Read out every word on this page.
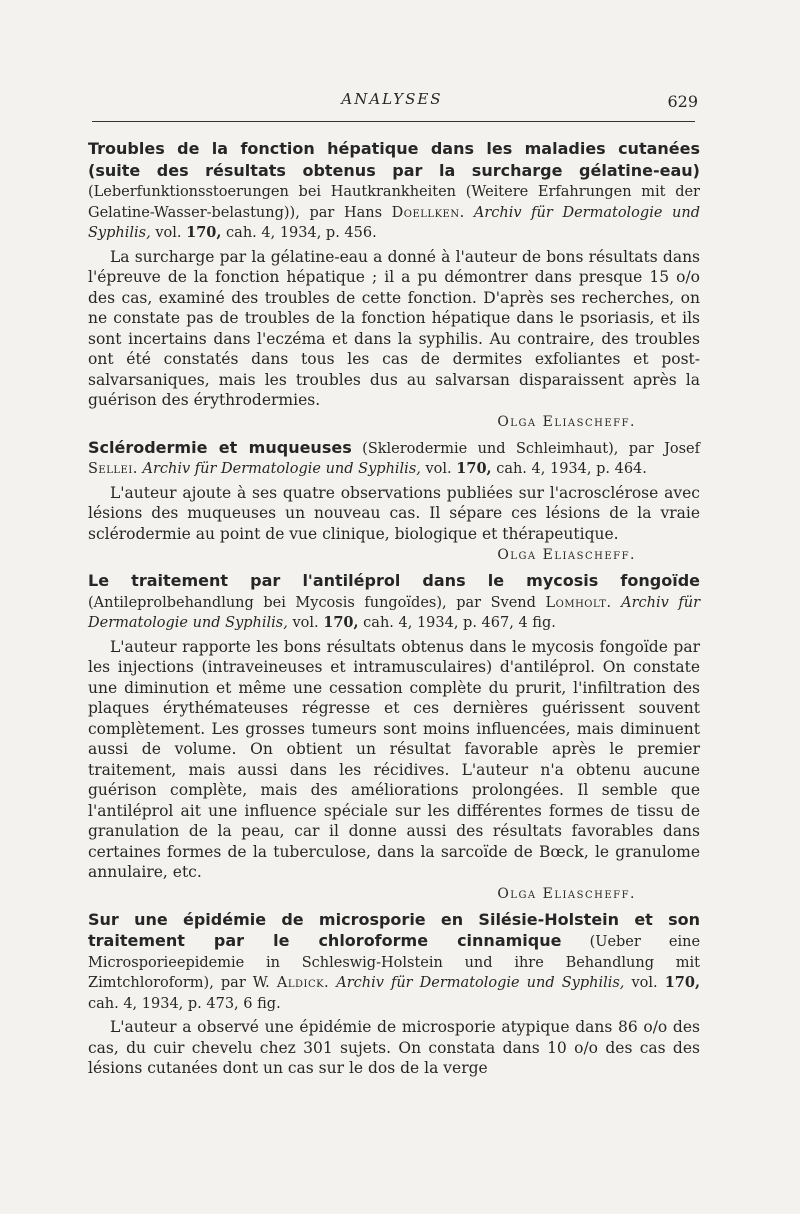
ANALYSES	629

Troubles de la fonction hépatique dans les maladies cutanées (suite des résultats obtenus par la surcharge gélatine-eau) (Leberfunktionsstoerungen bei Hautkrankheiten (Weitere Erfahrungen mit der Gelatine-Wasser-belastung)), par Hans Doellken. Archiv für Dermatologie und Syphilis, vol. 170, cah. 4, 1934, p. 456.

La surcharge par la gélatine-eau a donné à l'auteur de bons résultats dans l'épreuve de la fonction hépatique ; il a pu démontrer dans presque 15 o/o des cas, examiné des troubles de cette fonction. D'après ses recherches, on ne constate pas de troubles de la fonction hépatique dans le psoriasis, et ils sont incertains dans l'eczéma et dans la syphilis. Au contraire, des troubles ont été constatés dans tous les cas de dermites exfoliantes et post-salvarsaniques, mais les troubles dus au salvarsan disparaissent après la guérison des érythrodermies.

Olga Eliascheff.

Sclérodermie et muqueuses (Sklerodermie und Schleimhaut), par Josef Sellei. Archiv für Dermatologie und Syphilis, vol. 170, cah. 4, 1934, p. 464.

L'auteur ajoute à ses quatre observations publiées sur l'acrosclérose avec lésions des muqueuses un nouveau cas. Il sépare ces lésions de la vraie sclérodermie au point de vue clinique, biologique et thérapeutique.

Olga Eliascheff.

Le traitement par l'antiléprol dans le mycosis fongoïde (Antileprolbehandlung bei Mycosis fungoïdes), par Svend Lomholt. Archiv für Dermatologie und Syphilis, vol. 170, cah. 4, 1934, p. 467, 4 fig.

L'auteur rapporte les bons résultats obtenus dans le mycosis fongoïde par les injections (intraveineuses et intramusculaires) d'antiléprol. On constate une diminution et même une cessation complète du prurit, l'infiltration des plaques érythémateuses régresse et ces dernières guérissent souvent complètement. Les grosses tumeurs sont moins influencées, mais diminuent aussi de volume. On obtient un résultat favorable après le premier traitement, mais aussi dans les récidives. L'auteur n'a obtenu aucune guérison complète, mais des améliorations prolongées. Il semble que l'antiléprol ait une influence spéciale sur les différentes formes de tissu de granulation de la peau, car il donne aussi des résultats favorables dans certaines formes de la tuberculose, dans la sarcoïde de Bœck, le granulome annulaire, etc.

Olga Eliascheff.

Sur une épidémie de microsporie en Silésie-Holstein et son traitement par le chloroforme cinnamique (Ueber eine Microsporieepidemie in Schleswig-Holstein und ihre Behandlung mit Zimtchloroform), par W. Aldick. Archiv für Dermatologie und Syphilis, vol. 170, cah. 4, 1934, p. 473, 6 fig.

L'auteur a observé une épidémie de microsporie atypique dans 86 o/o des cas, du cuir chevelu chez 301 sujets. On constata dans 10 o/o des cas des lésions cutanées dont un cas sur le dos de la verge
